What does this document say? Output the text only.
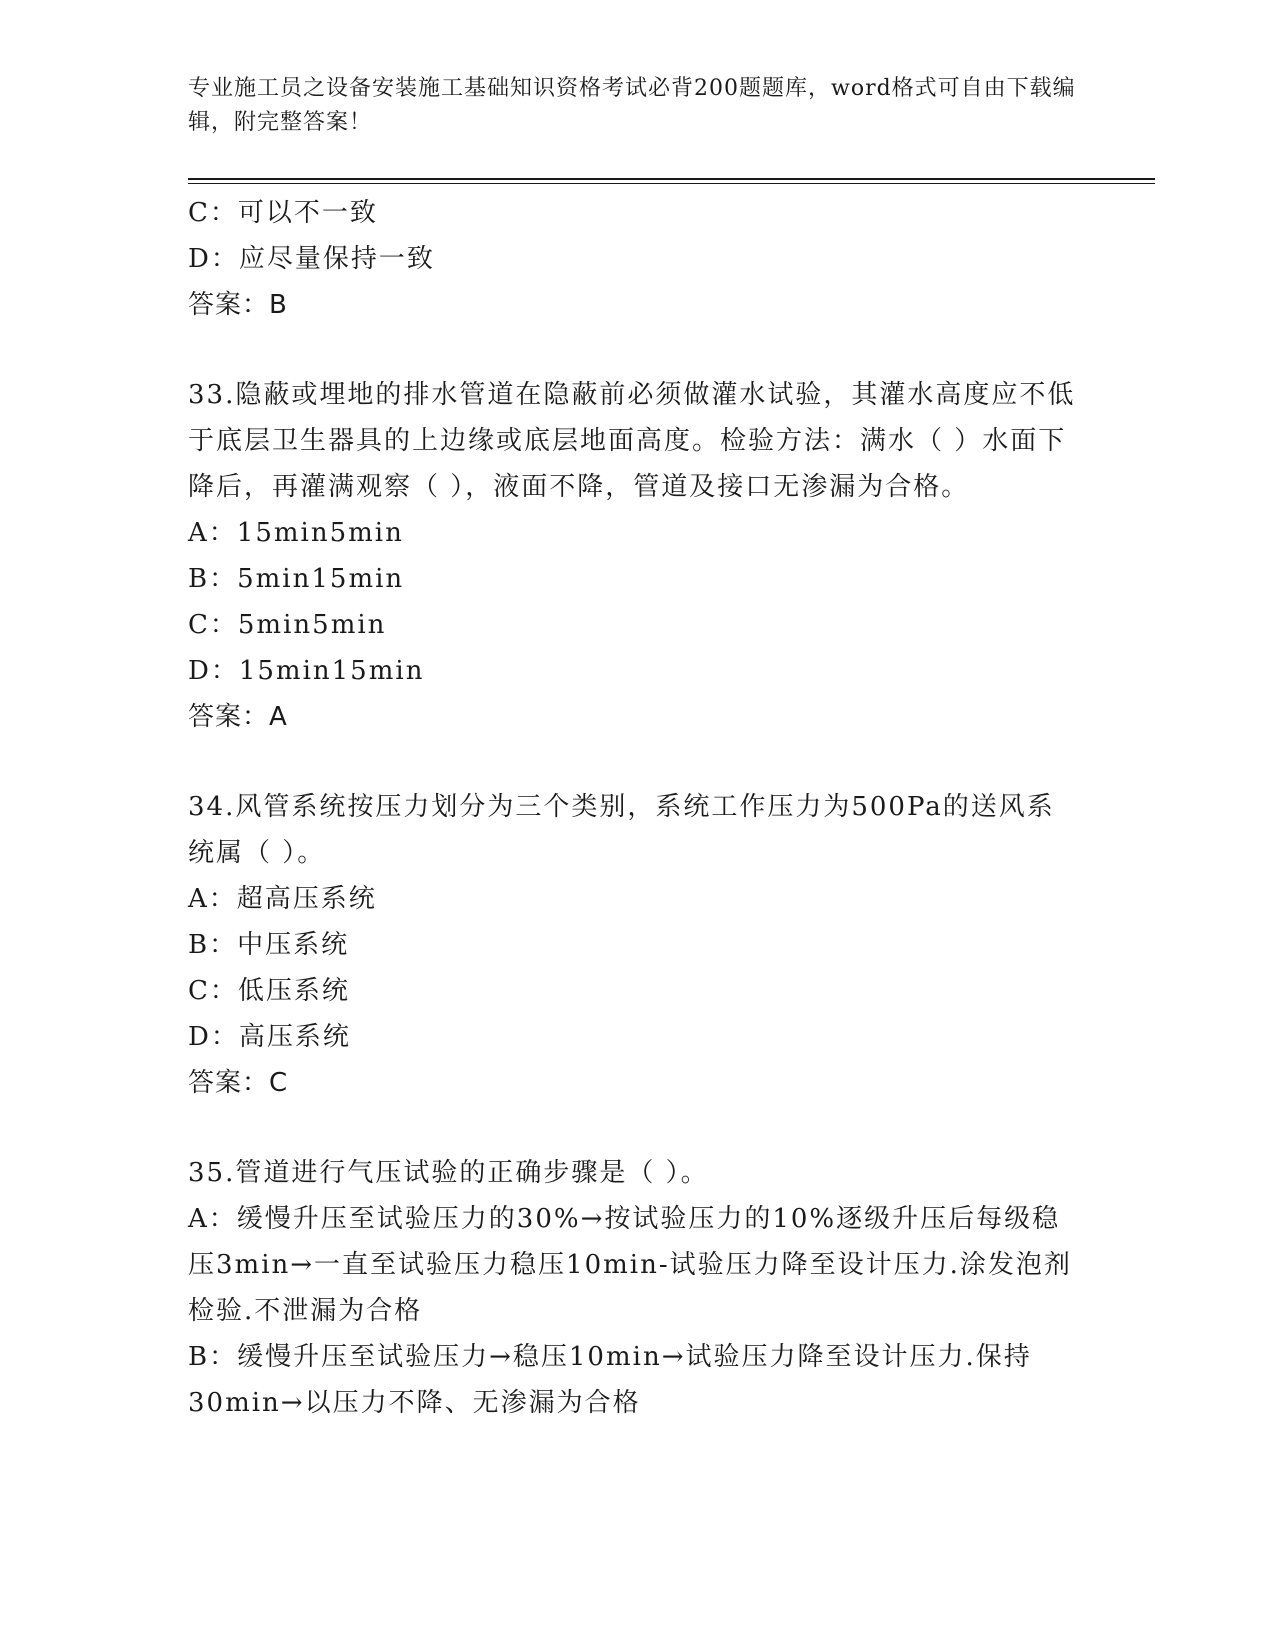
专业施工员之设备安装施工基础知识资格考试必背200题题库，word格式可自由下载编辑，附完整答案！

C：可以不一致

D：应尽量保持一致

答案：B

33.隐蔽或埋地的排水管道在隐蔽前必须做灌水试验，其灌水高度应不低于底层卫生器具的上边缘或底层地面高度。检验方法：满水（ ）水面下降后，再灌满观察（ ），液面不降，管道及接口无渗漏为合格。

A：15min5min

B：5min15min

C：5min5min

D：15min15min

答案：A

34.风管系统按压力划分为三个类别，系统工作压力为500Pa的送风系统属（ ）。

A：超高压系统

B：中压系统

C：低压系统

D：高压系统

答案：C

35.管道进行气压试验的正确步骤是（ ）。

A：缓慢升压至试验压力的30%→按试验压力的10%逐级升压后每级稳压3min→一直至试验压力稳压10min-试验压力降至设计压力.涂发泡剂检验.不泄漏为合格

B：缓慢升压至试验压力→稳压10min→试验压力降至设计压力.保持30min→以压力不降、无渗漏为合格
